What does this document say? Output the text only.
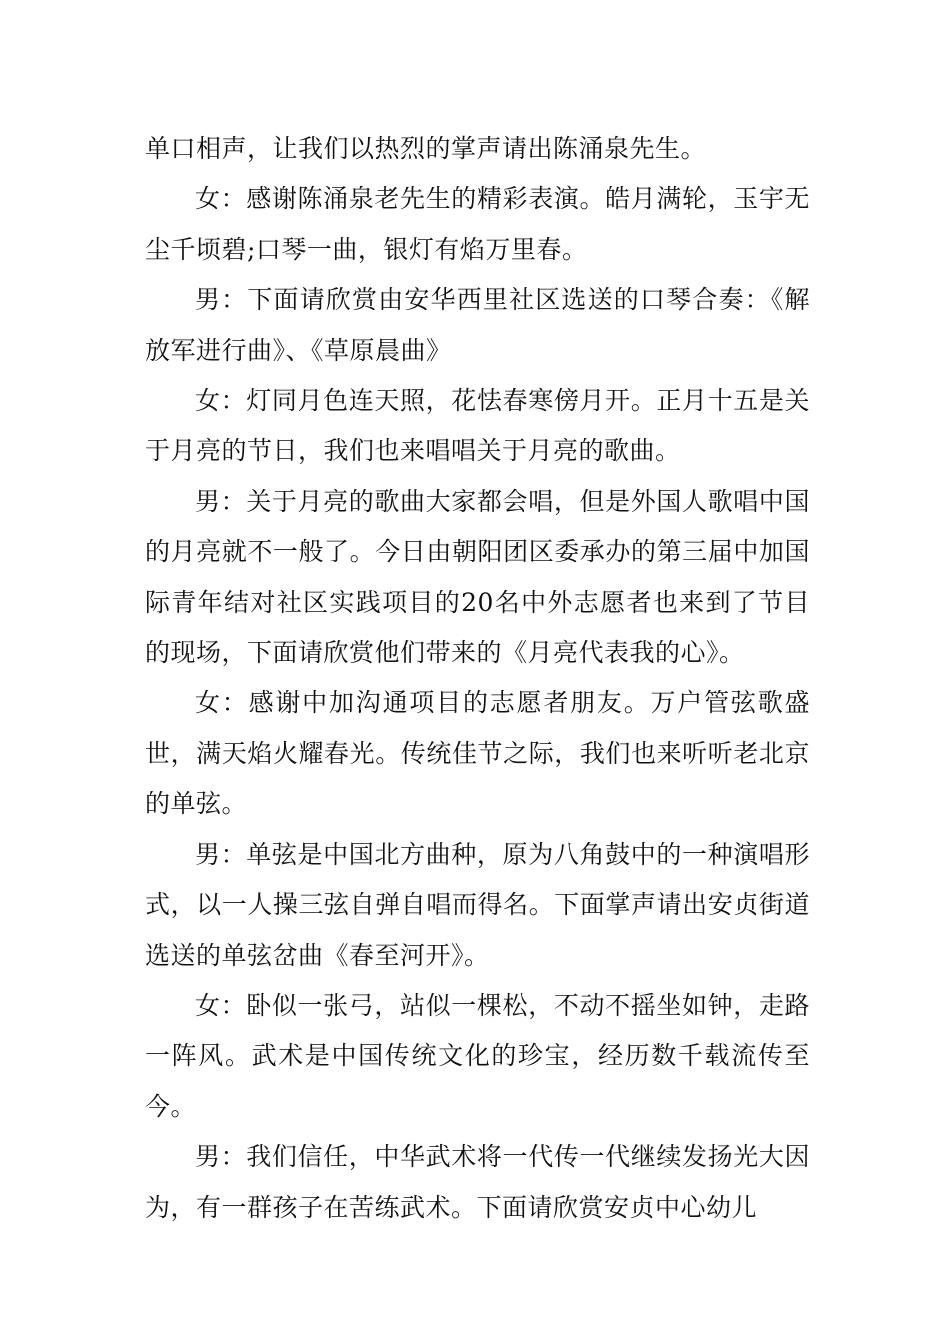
单口相声，让我们以热烈的掌声请出陈涌泉先生。

女：感谢陈涌泉老先生的精彩表演。皓月满轮，玉宇无尘千顷碧;口琴一曲，银灯有焰万里春。

男：下面请欣赏由安华西里社区选送的口琴合奏：《解放军进行曲》、《草原晨曲》

女：灯同月色连天照，花怯春寒傍月开。正月十五是关于月亮的节日，我们也来唱唱关于月亮的歌曲。

男：关于月亮的歌曲大家都会唱，但是外国人歌唱中国的月亮就不一般了。今日由朝阳团区委承办的第三届中加国际青年结对社区实践项目的20名中外志愿者也来到了节目的现场，下面请欣赏他们带来的《月亮代表我的心》。

女：感谢中加沟通项目的志愿者朋友。万户管弦歌盛世，满天焰火耀春光。传统佳节之际，我们也来听听老北京的单弦。

男：单弦是中国北方曲种，原为八角鼓中的一种演唱形式，以一人操三弦自弹自唱而得名。下面掌声请出安贞街道选送的单弦岔曲《春至河开》。

女：卧似一张弓，站似一棵松，不动不摇坐如钟，走路一阵风。武术是中国传统文化的珍宝，经历数千载流传至今。

男：我们信任，中华武术将一代传一代继续发扬光大因为，有一群孩子在苦练武术。下面请欣赏安贞中心幼儿
